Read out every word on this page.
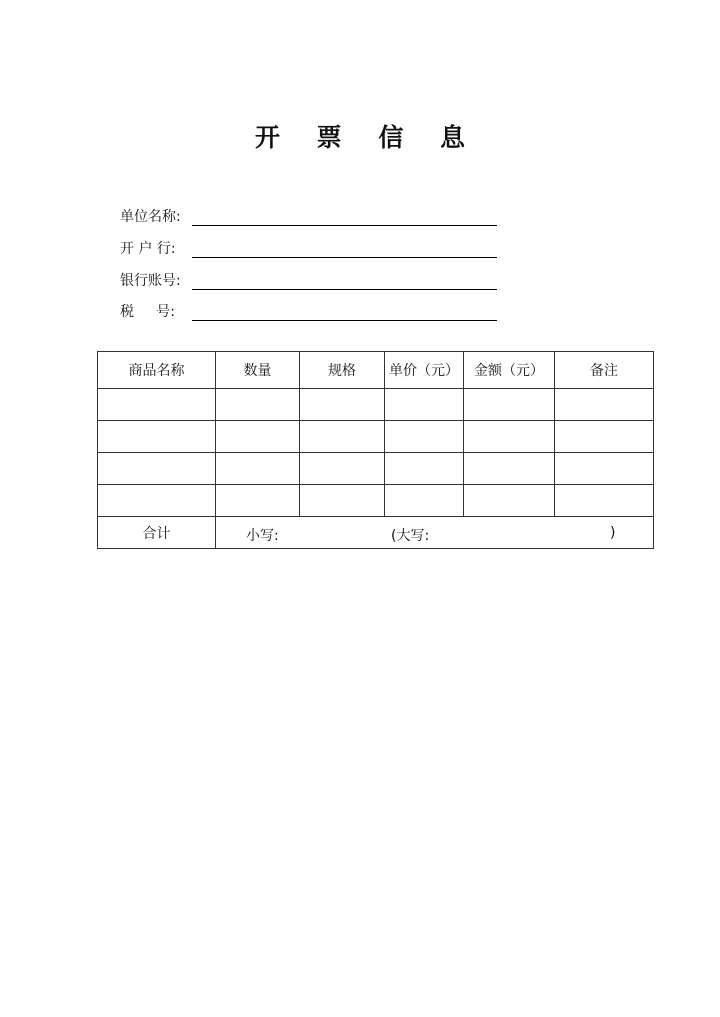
开 票 信 息
单位名称:
开 户 行:
银行账号:
税     号:
商品名称	数量	规格	单价（元）	金额（元）	备注

合计	小写: (大写: )				
